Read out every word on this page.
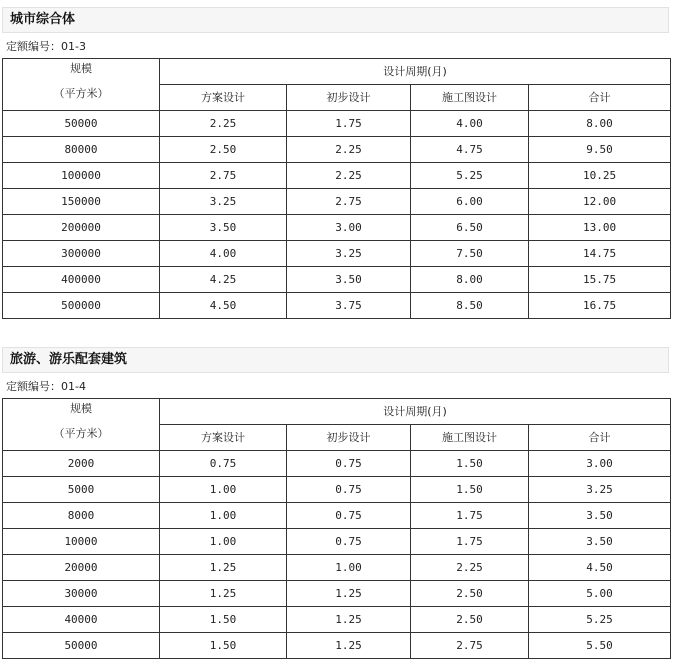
城市综合体
定额编号：01-3
规模
（平方米）	设计周期(月)			
	方案设计	初步设计	施工图设计	合计
50000	2.25	1.75	4.00	8.00
80000	2.50	2.25	4.75	9.50
100000	2.75	2.25	5.25	10.25
150000	3.25	2.75	6.00	12.00
200000	3.50	3.00	6.50	13.00
300000	4.00	3.25	7.50	14.75
400000	4.25	3.50	8.00	15.75
500000	4.50	3.75	8.50	16.75
旅游、游乐配套建筑
定额编号：01-4
规模
（平方米）	设计周期(月)			
	方案设计	初步设计	施工图设计	合计
2000	0.75	0.75	1.50	3.00
5000	1.00	0.75	1.50	3.25
8000	1.00	0.75	1.75	3.50
10000	1.00	0.75	1.75	3.50
20000	1.25	1.00	2.25	4.50
30000	1.25	1.25	2.50	5.00
40000	1.50	1.25	2.50	5.25
50000	1.50	1.25	2.75	5.50
